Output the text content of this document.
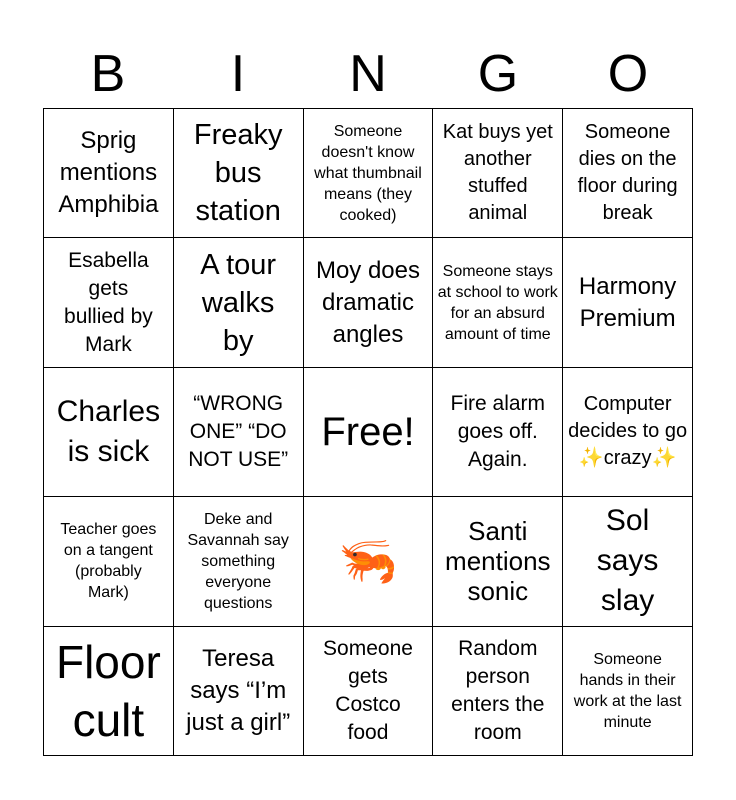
B	I	N	G	O
Sprig mentions Amphibia
Freaky bus station
Someone doesn't know what thumbnail means (they cooked)
Kat buys yet another stuffed animal
Someone dies on the floor during break
Esabella gets bullied by Mark
A tour walks by
Moy does dramatic angles
Someone stays at school to work for an absurd amount of time
Harmony Premium
Charles is sick
“WRONG ONE” “DO NOT USE”
Free!
Fire alarm goes off. Again.
Computer decides to go ✨crazy✨
Teacher goes on a tangent (probably Mark)
Deke and Savannah say something everyone questions
🦐
Santi mentions sonic
Sol says slay
Floor cult
Teresa says “I’m just a girl”
Someone gets Costco food
Random person enters the room
Someone hands in their work at the last minute
